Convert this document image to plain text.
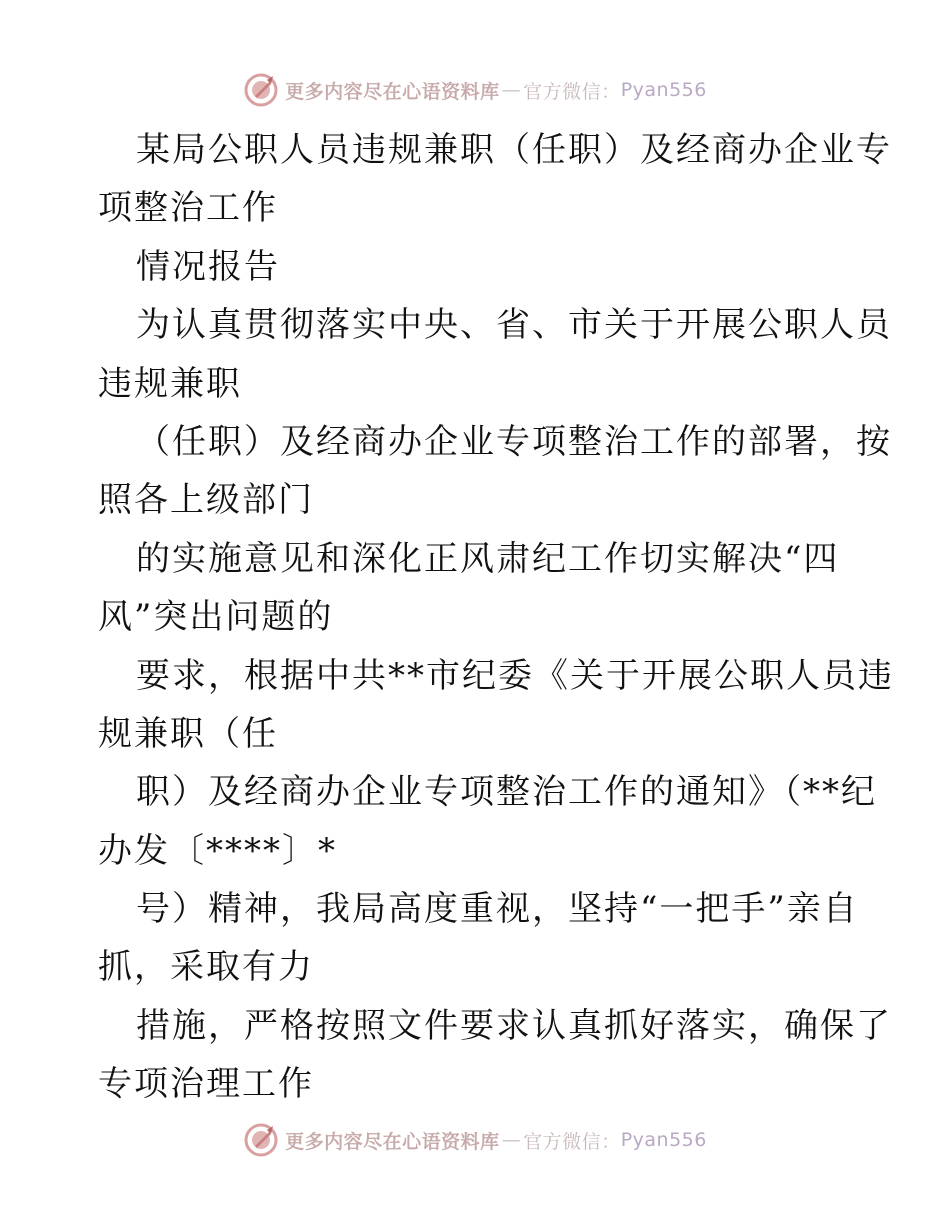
更多内容尽在心语资料库 — 官方微信： Pyan556
某局公职人员违规兼职（任职）及经商办企业专
项整治工作
情况报告
为认真贯彻落实中央、省、市关于开展公职人员
违规兼职
（任职）及经商办企业专项整治工作的部署，按
照各上级部门
的实施意见和深化正风肃纪工作切实解决“四
风”突出问题的
要求，根据中共**市纪委《关于开展公职人员违
规兼职（任
职）及经商办企业专项整治工作的通知》（**纪
办发〔****〕*
号）精神，我局高度重视，坚持“一把手”亲自
抓，采取有力
措施，严格按照文件要求认真抓好落实，确保了
专项治理工作
更多内容尽在心语资料库 — 官方微信： Pyan556
